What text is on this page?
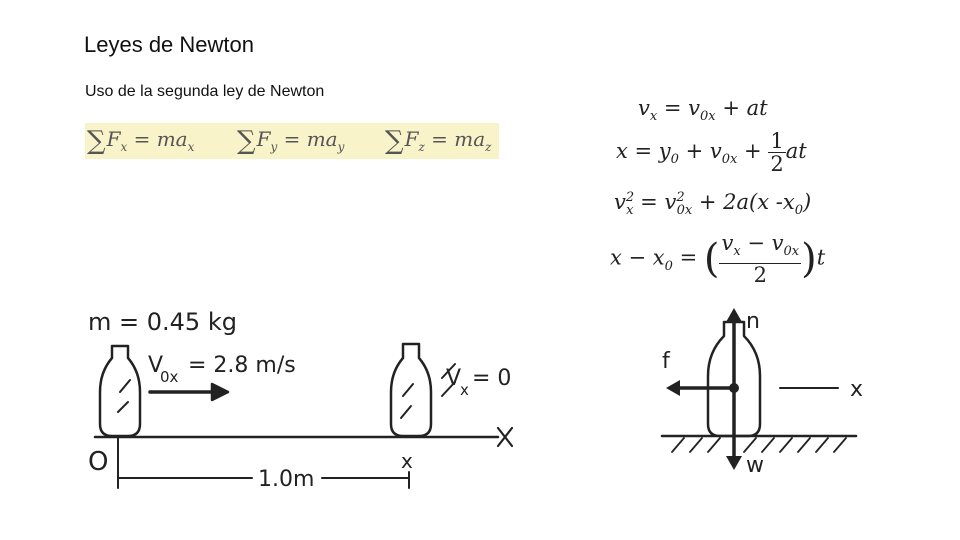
Leyes de Newton
Uso de la segunda ley de Newton
$\sum F_x = ma_x$ $\sum F_y = ma_y$ $\sum F_z = ma_z$
$v_x = v_{0x}$ + at
$x = y_0 + v_{0x} + \frac{1}{2}$ at
$v^2_x = v^2_{0x} + 2a(x$ $-x_0$)
$x - x_0$ = ( $\frac{v_x - v_{0x}}{2} )t$
m = 0.45 kg
V
0x = 2.8 m/s
V
x = 0
O	x
1.0m
n
f
w
x
